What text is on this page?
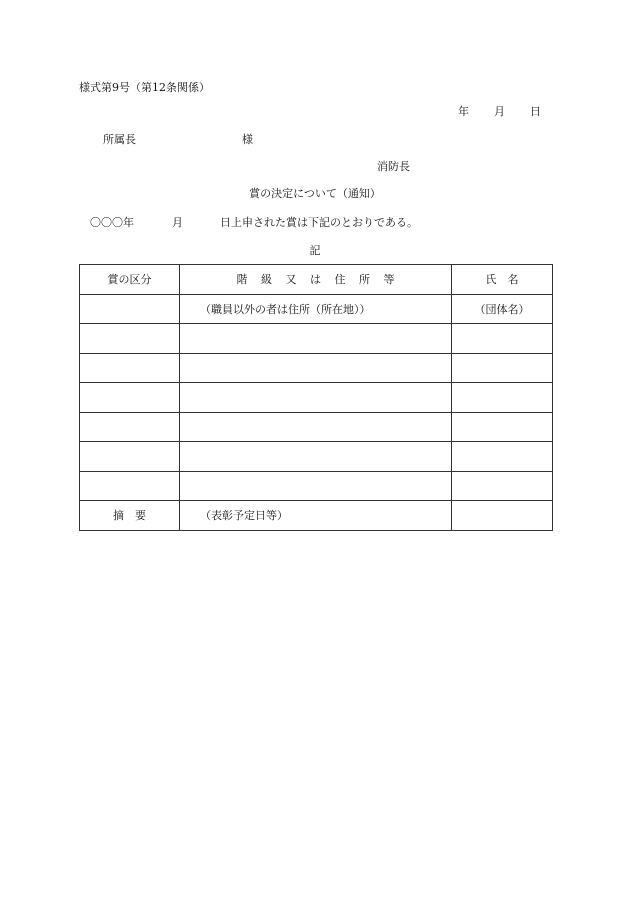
様式第9号（第12条関係）
年 月 日
所属長	様
消防長
賞の決定について（通知）
〇〇〇年	月	日上申された賞は下記のとおりである。
記
賞の区分	階 級 又 は 住 所 等	氏　名
	（職員以外の者は住所（所在地））	（団体名）

摘　要	（表彰予定日等）	
